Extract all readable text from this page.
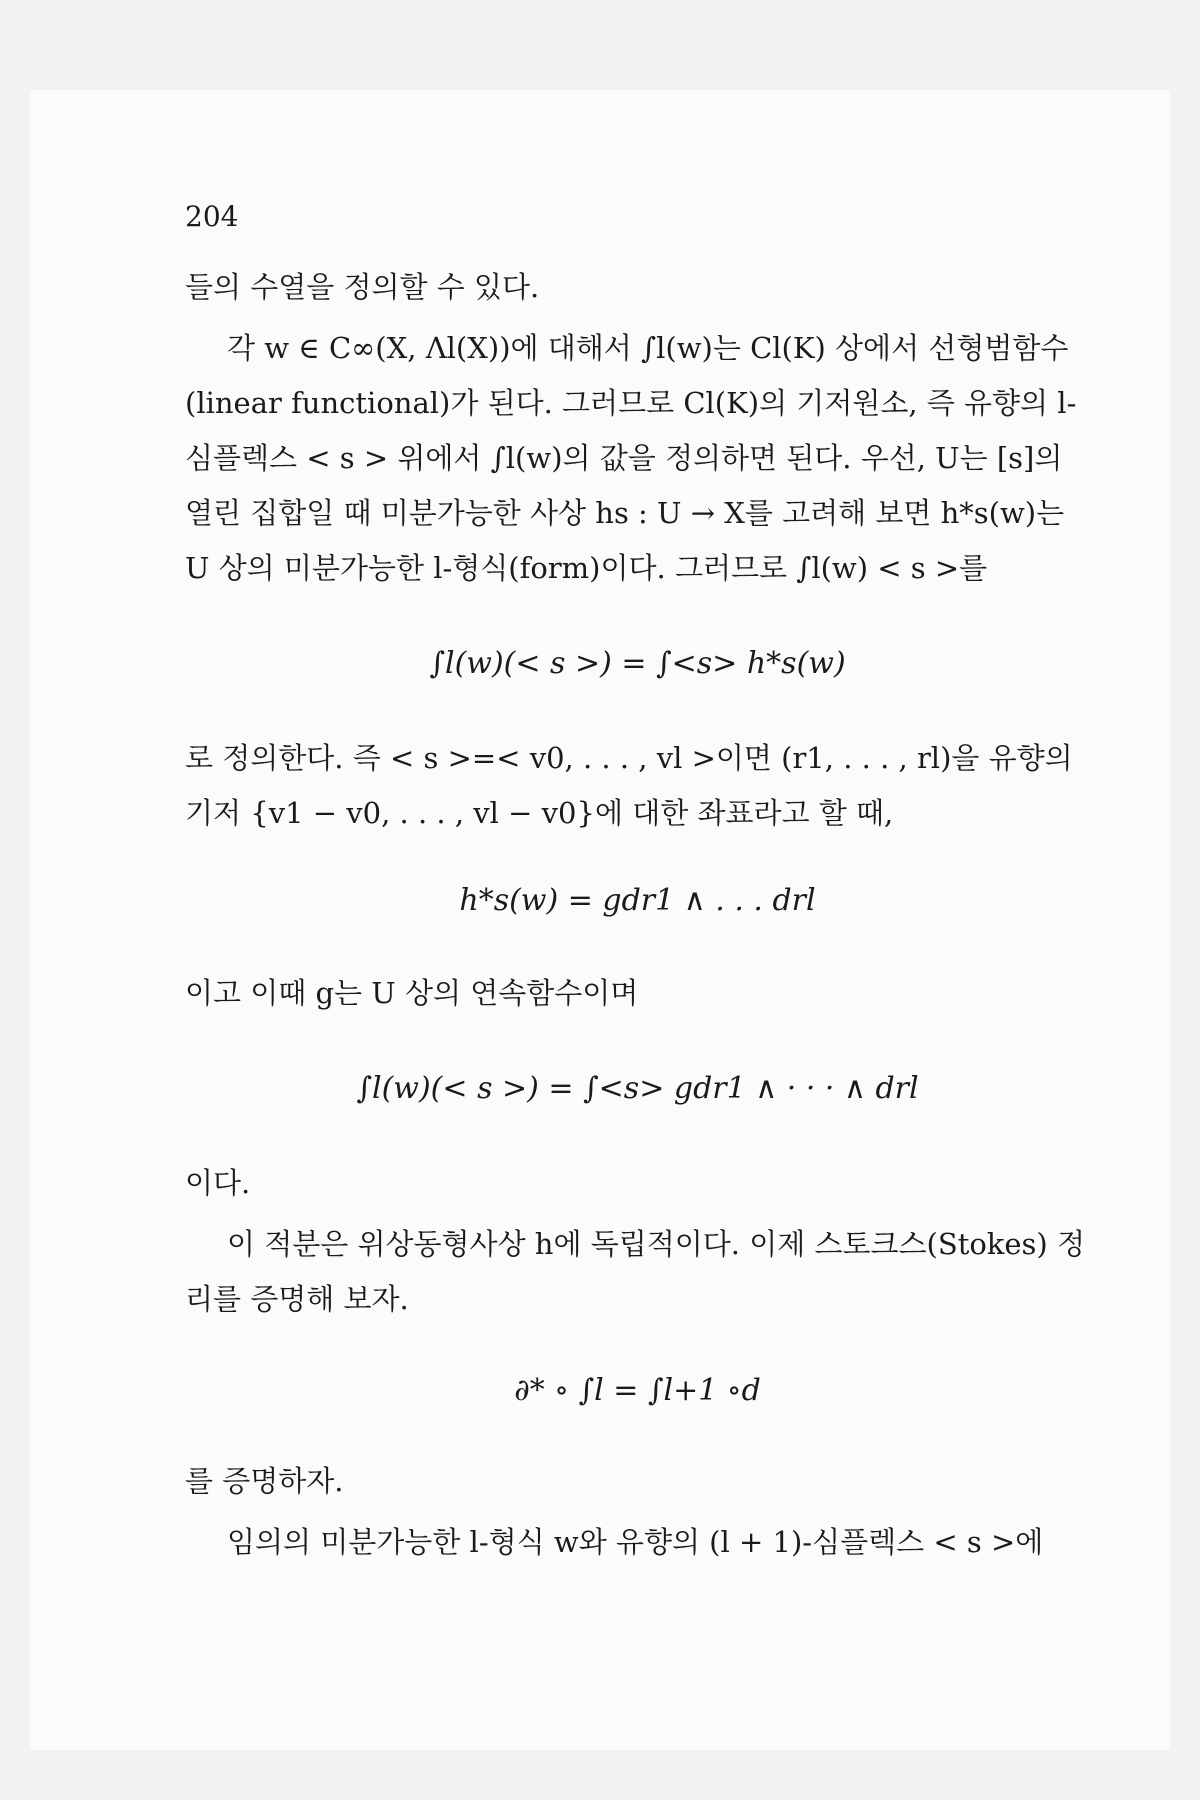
204

들의 수열을 정의할 수 있다.

각 w ∈ C∞(X, Λl(X))에 대해서 ∫l(w)는 Cl(K) 상에서 선형범함수(linear functional)가 된다. 그러므로 Cl(K)의 기저원소, 즉 유향의 l-심플렉스 < s > 위에서 ∫l(w)의 값을 정의하면 된다. 우선, U는 [s]의 열린 집합일 때 미분가능한 사상 hs : U → X를 고려해 보면 h*s(w)는 U 상의 미분가능한 l-형식(form)이다. 그러므로 ∫l(w) < s >를

∫l(w)(< s >) = ∫<s> h*s(w)

로 정의한다. 즉 < s >=< v0, . . . , vl >이면 (r1, . . . , rl)을 유향의 기저 {v1 − v0, . . . , vl − v0}에 대한 좌표라고 할 때,

h*s(w) = gdr1 ∧ . . . drl

이고 이때 g는 U 상의 연속함수이며

∫l(w)(< s >) = ∫<s> gdr1 ∧ · · · ∧ drl

이다.

이 적분은 위상동형사상 h에 독립적이다. 이제 스토크스(Stokes) 정리를 증명해 보자.

∂* ∘ ∫l = ∫l+1 ∘d

를 증명하자.

임의의 미분가능한 l-형식 w와 유향의 (l + 1)-심플렉스 < s >에
